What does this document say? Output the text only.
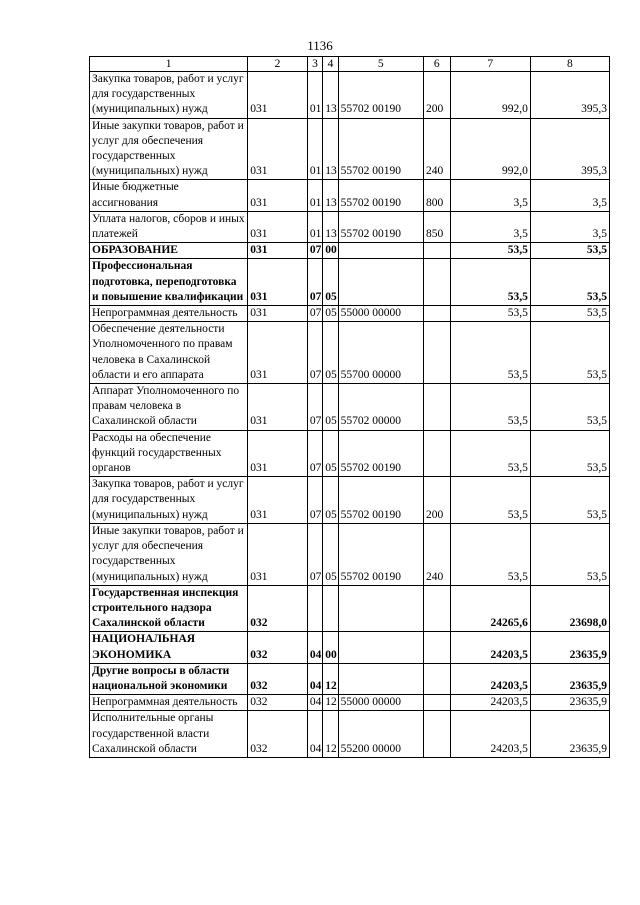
1136
1	2	3	4	5	6	7	8
Закупка товаров, работ и услуг для государственных (муниципальных) нужд	031	01	13	55702 00190	200	992,0	395,3
Иные закупки товаров, работ и услуг для обеспечения государственных (муниципальных) нужд	031	01	13	55702 00190	240	992,0	395,3
Иные бюджетные ассигнования	031	01	13	55702 00190	800	3,5	3,5
Уплата налогов, сборов и иных платежей	031	01	13	55702 00190	850	3,5	3,5
ОБРАЗОВАНИЕ	031	07	00			53,5	53,5
Профессиональная подготовка, переподготовка и повышение квалификации	031	07	05			53,5	53,5
Непрограммная деятельность	031	07	05	55000 00000		53,5	53,5
Обеспечение деятельности Уполномоченного по правам человека в Сахалинской области и его аппарата	031	07	05	55700 00000		53,5	53,5
Аппарат Уполномоченного по правам человека в Сахалинской области	031	07	05	55702 00000		53,5	53,5
Расходы на обеспечение функций государственных органов	031	07	05	55702 00190		53,5	53,5
Закупка товаров, работ и услуг для государственных (муниципальных) нужд	031	07	05	55702 00190	200	53,5	53,5
Иные закупки товаров, работ и услуг для обеспечения государственных (муниципальных) нужд	031	07	05	55702 00190	240	53,5	53,5
Государственная инспекция строительного надзора Сахалинской области	032					24265,6	23698,0
НАЦИОНАЛЬНАЯ ЭКОНОМИКА	032	04	00			24203,5	23635,9
Другие вопросы в области национальной экономики	032	04	12			24203,5	23635,9
Непрограммная деятельность	032	04	12	55000 00000		24203,5	23635,9
Исполнительные органы государственной власти Сахалинской области	032	04	12	55200 00000		24203,5	23635,9
